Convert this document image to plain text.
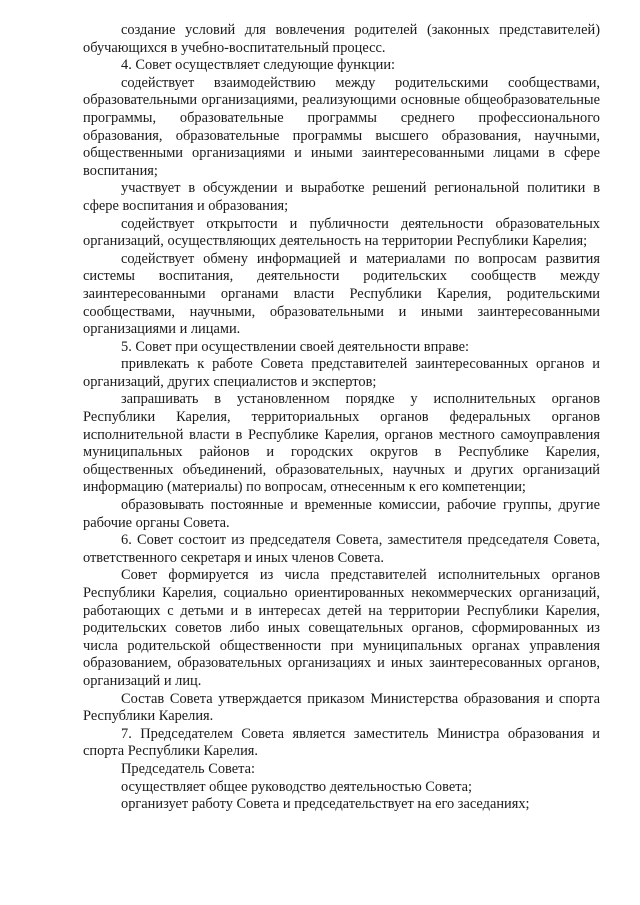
создание условий для вовлечения родителей (законных представителей) обучающихся в учебно-воспитательный процесс.

4. Совет осуществляет следующие функции:

содействует взаимодействию между родительскими сообществами, образовательными организациями, реализующими основные общеобразовательные программы, образовательные программы среднего профессионального образования, образовательные программы высшего образования, научными, общественными организациями и иными заинтересованными лицами в сфере воспитания;

участвует в обсуждении и выработке решений региональной политики в сфере воспитания и образования;

содействует открытости и публичности деятельности образовательных организаций, осуществляющих деятельность на территории Республики Карелия;

содействует обмену информацией и материалами по вопросам развития системы воспитания, деятельности родительских сообществ между заинтересованными органами власти Республики Карелия, родительскими сообществами, научными, образовательными и иными заинтересованными организациями и лицами.

5. Совет при осуществлении своей деятельности вправе:

привлекать к работе Совета представителей заинтересованных органов и организаций, других специалистов и экспертов;

запрашивать в установленном порядке у исполнительных органов Республики Карелия, территориальных органов федеральных органов исполнительной власти в Республике Карелия, органов местного самоуправления муниципальных районов и городских округов в Республике Карелия, общественных объединений, образовательных, научных и других организаций информацию (материалы) по вопросам, отнесенным к его компетенции;

образовывать постоянные и временные комиссии, рабочие группы, другие рабочие органы Совета.

6. Совет состоит из председателя Совета, заместителя председателя Совета, ответственного секретаря и иных членов Совета.

Совет формируется из числа представителей исполнительных органов Республики Карелия, социально ориентированных некоммерческих организаций, работающих с детьми и в интересах детей на территории Республики Карелия, родительских советов либо иных совещательных органов, сформированных из числа родительской общественности при муниципальных органах управления образованием, образовательных организациях и иных заинтересованных органов, организаций и лиц.

Состав Совета утверждается приказом Министерства образования и спорта Республики Карелия.

7. Председателем Совета является заместитель Министра образования и спорта Республики Карелия.

Председатель Совета:

осуществляет общее руководство деятельностью Совета;

организует работу Совета и председательствует на его заседаниях;
